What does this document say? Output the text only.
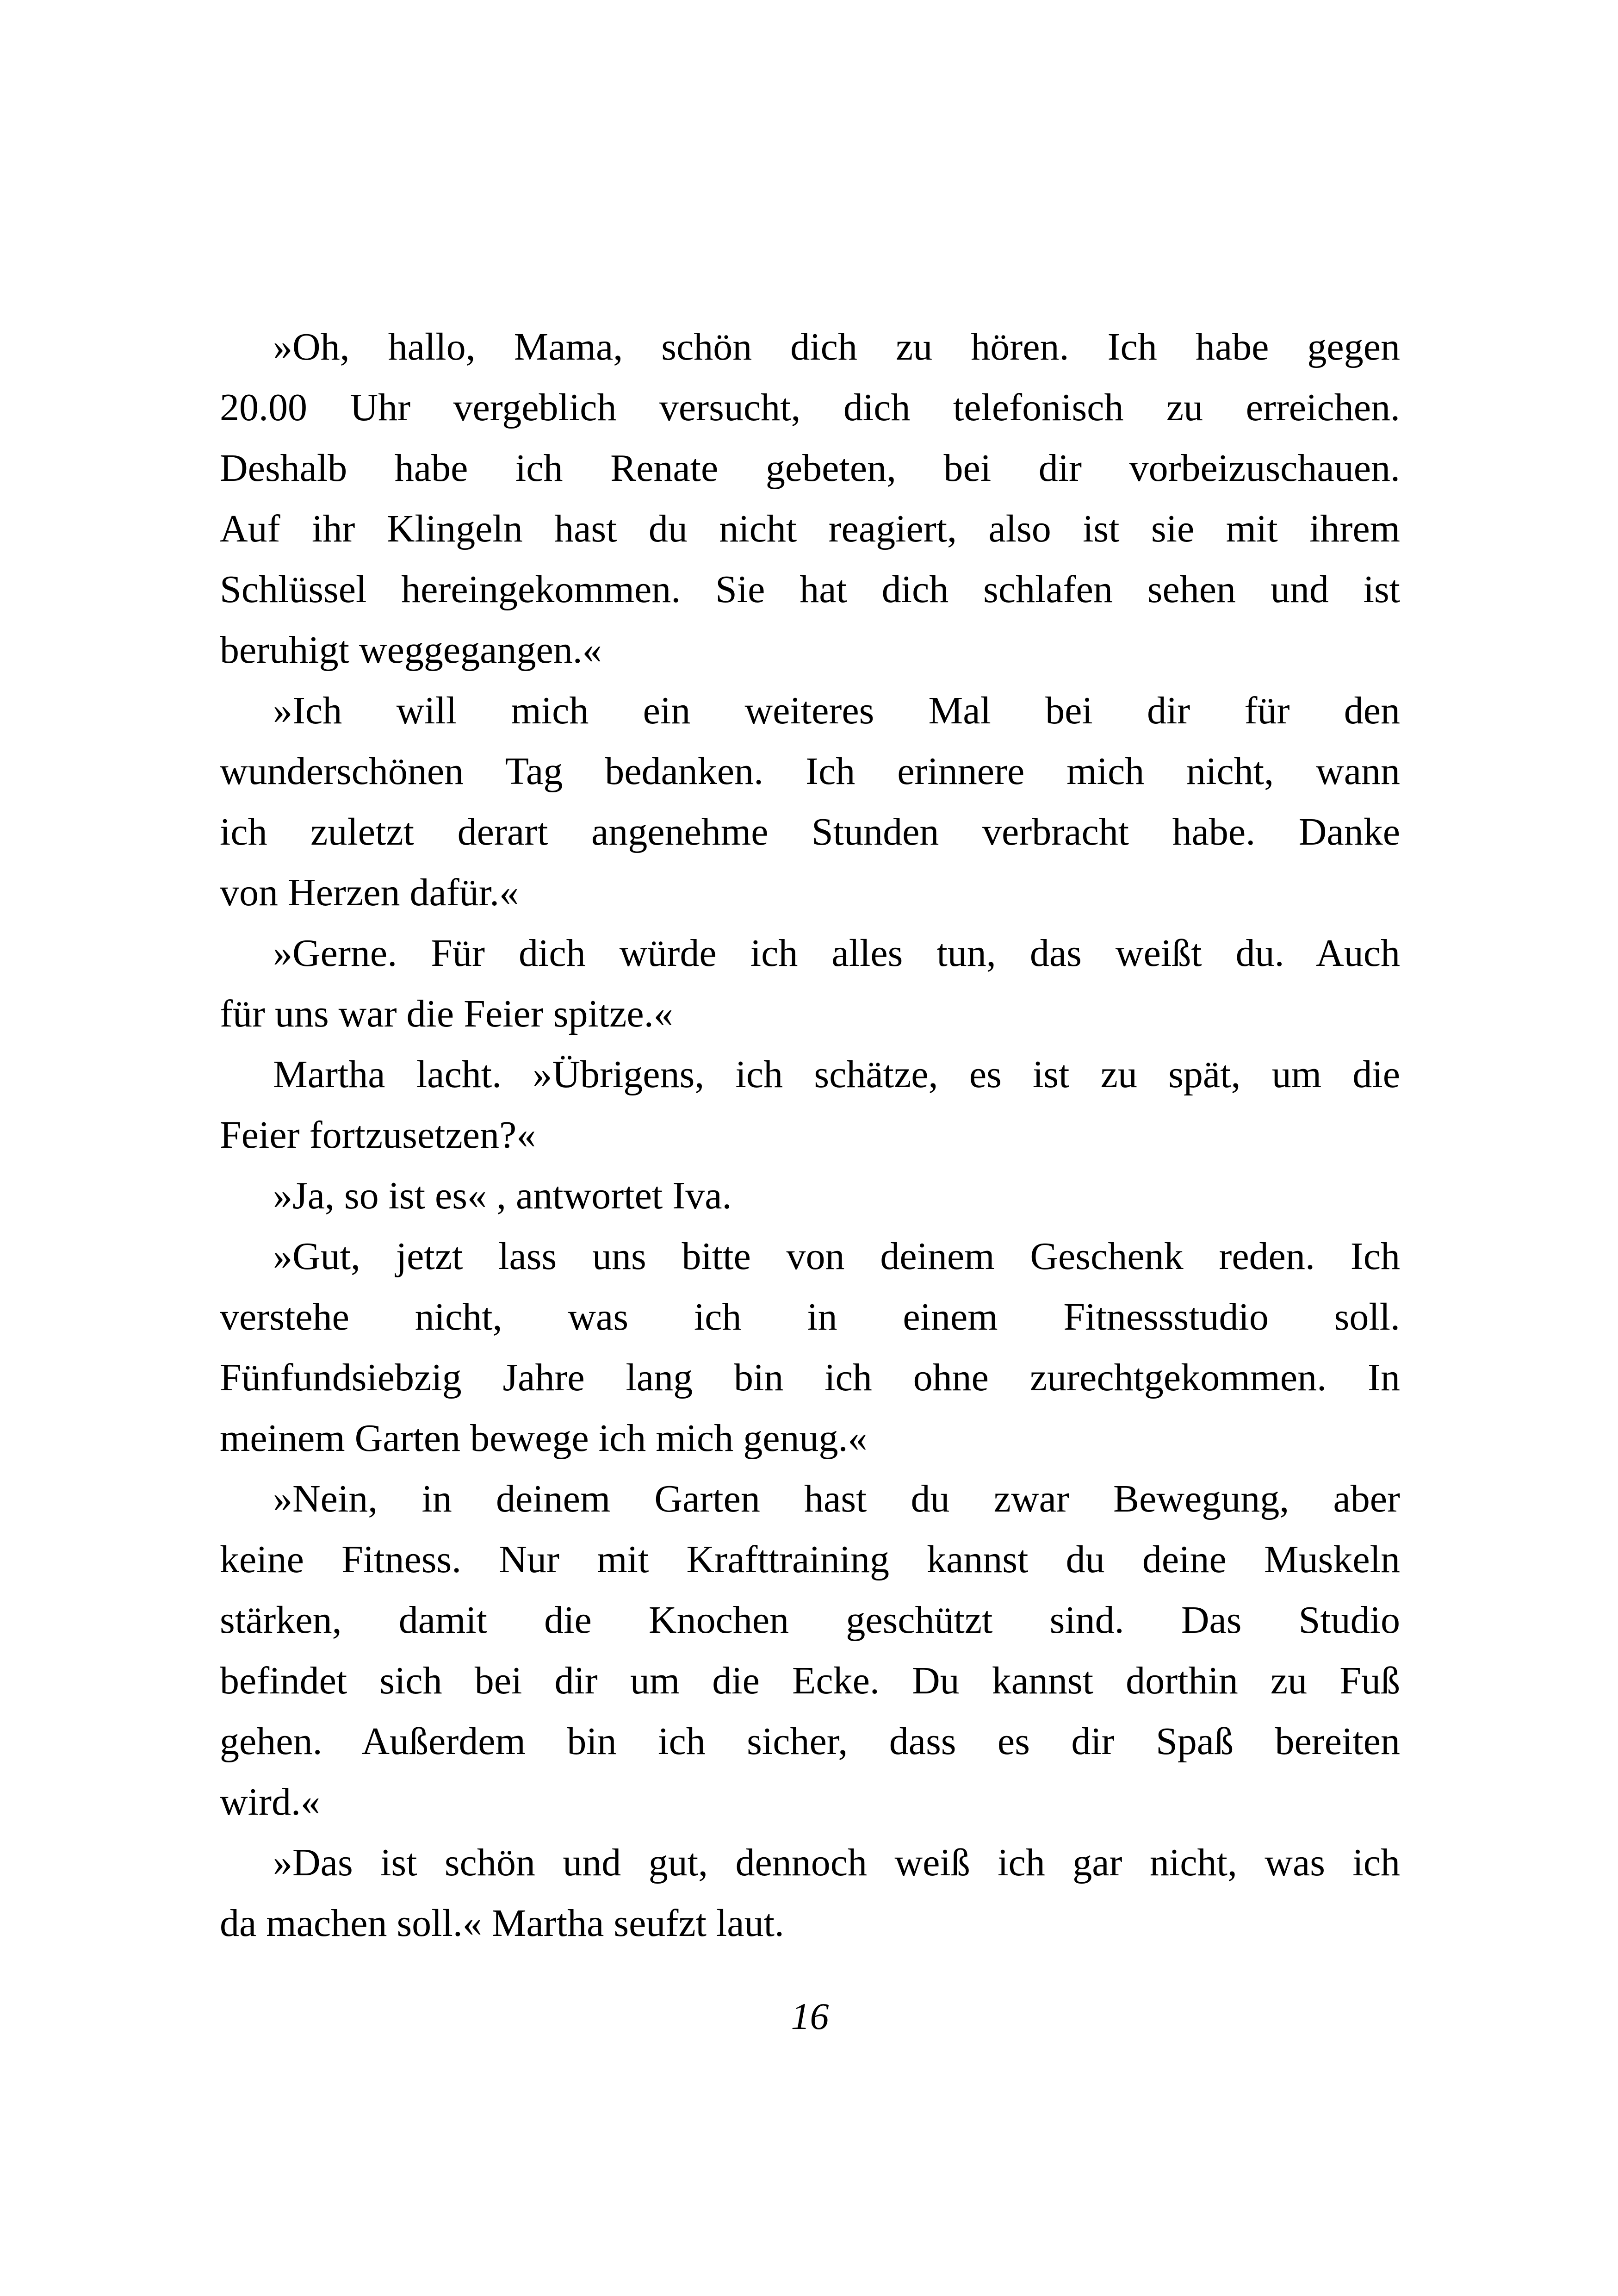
»Oh, hallo, Mama, schön dich zu hören. Ich habe gegen
20.00 Uhr vergeblich versucht, dich telefonisch zu erreichen.
Deshalb habe ich Renate gebeten, bei dir vorbeizuschauen.
Auf ihr Klingeln hast du nicht reagiert, also ist sie mit ihrem
Schlüssel hereingekommen. Sie hat dich schlafen sehen und ist
beruhigt weggegangen.«

»Ich will mich ein weiteres Mal bei dir für den
wunderschönen Tag bedanken. Ich erinnere mich nicht, wann
ich zuletzt derart angenehme Stunden verbracht habe. Danke
von Herzen dafür.«

»Gerne. Für dich würde ich alles tun, das weißt du. Auch
für uns war die Feier spitze.«

Martha lacht. »Übrigens, ich schätze, es ist zu spät, um die
Feier fortzusetzen?«

»Ja, so ist es« , antwortet Iva.

»Gut, jetzt lass uns bitte von deinem Geschenk reden. Ich
verstehe nicht, was ich in einem Fitnessstudio soll.
Fünfundsiebzig Jahre lang bin ich ohne zurechtgekommen. In
meinem Garten bewege ich mich genug.«

»Nein, in deinem Garten hast du zwar Bewegung, aber
keine Fitness. Nur mit Krafttraining kannst du deine Muskeln
stärken, damit die Knochen geschützt sind. Das Studio
befindet sich bei dir um die Ecke. Du kannst dorthin zu Fuß
gehen. Außerdem bin ich sicher, dass es dir Spaß bereiten
wird.«

»Das ist schön und gut, dennoch weiß ich gar nicht, was ich
da machen soll.« Martha seufzt laut.

16
